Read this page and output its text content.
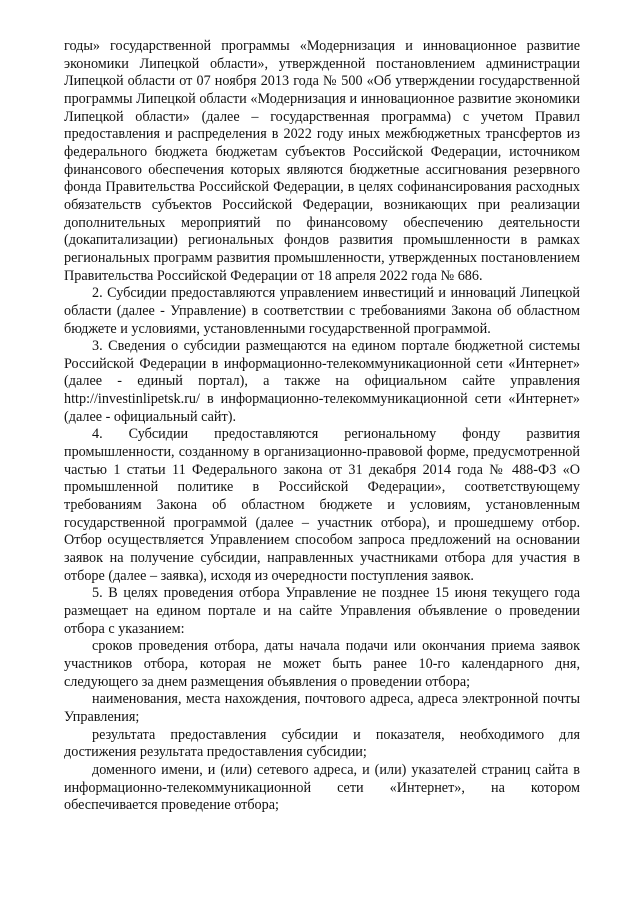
годы» государственной программы «Модернизация и инновационное развитие экономики Липецкой области», утвержденной постановлением администрации Липецкой области от 07 ноября 2013 года № 500 «Об утверждении государственной программы Липецкой области «Модернизация и инновационное развитие экономики Липецкой области» (далее – государственная программа) с учетом Правил предоставления и распределения в 2022 году иных межбюджетных трансфертов из федерального бюджета бюджетам субъектов Российской Федерации, источником финансового обеспечения которых являются бюджетные ассигнования резервного фонда Правительства Российской Федерации, в целях софинансирования расходных обязательств субъектов Российской Федерации, возникающих при реализации дополнительных мероприятий по финансовому обеспечению деятельности (докапитализации) региональных фондов развития промышленности в рамках региональных программ развития промышленности, утвержденных постановлением Правительства Российской Федерации от 18 апреля 2022 года № 686.

2. Субсидии предоставляются управлением инвестиций и инноваций Липецкой области (далее - Управление) в соответствии с требованиями Закона об областном бюджете и условиями, установленными государственной программой.

3. Сведения о субсидии размещаются на едином портале бюджетной системы Российской Федерации в информационно-телекоммуникационной сети «Интернет» (далее - единый портал), а также на официальном сайте управления http://investinlipetsk.ru/ в информационно-телекоммуникационной сети «Интернет» (далее - официальный сайт).

4. Субсидии предоставляются региональному фонду развития промышленности, созданному в организационно-правовой форме, предусмотренной частью 1 статьи 11 Федерального закона от 31 декабря 2014 года № 488-ФЗ «О промышленной политике в Российской Федерации», соответствующему требованиям Закона об областном бюджете и условиям, установленным государственной программой (далее – участник отбора), и прошедшему отбор. Отбор осуществляется Управлением способом запроса предложений на основании заявок на получение субсидии, направленных участниками отбора для участия в отборе (далее – заявка), исходя из очередности поступления заявок.

5. В целях проведения отбора Управление не позднее 15 июня текущего года размещает на едином портале и на сайте Управления объявление о проведении отбора с указанием:

сроков проведения отбора, даты начала подачи или окончания приема заявок участников отбора, которая не может быть ранее 10-го календарного дня, следующего за днем размещения объявления о проведении отбора;

наименования, места нахождения, почтового адреса, адреса электронной почты Управления;

результата предоставления субсидии и показателя, необходимого для достижения результата предоставления субсидии;

доменного имени, и (или) сетевого адреса, и (или) указателей страниц сайта в информационно-телекоммуникационной сети «Интернет», на котором обеспечивается проведение отбора;
